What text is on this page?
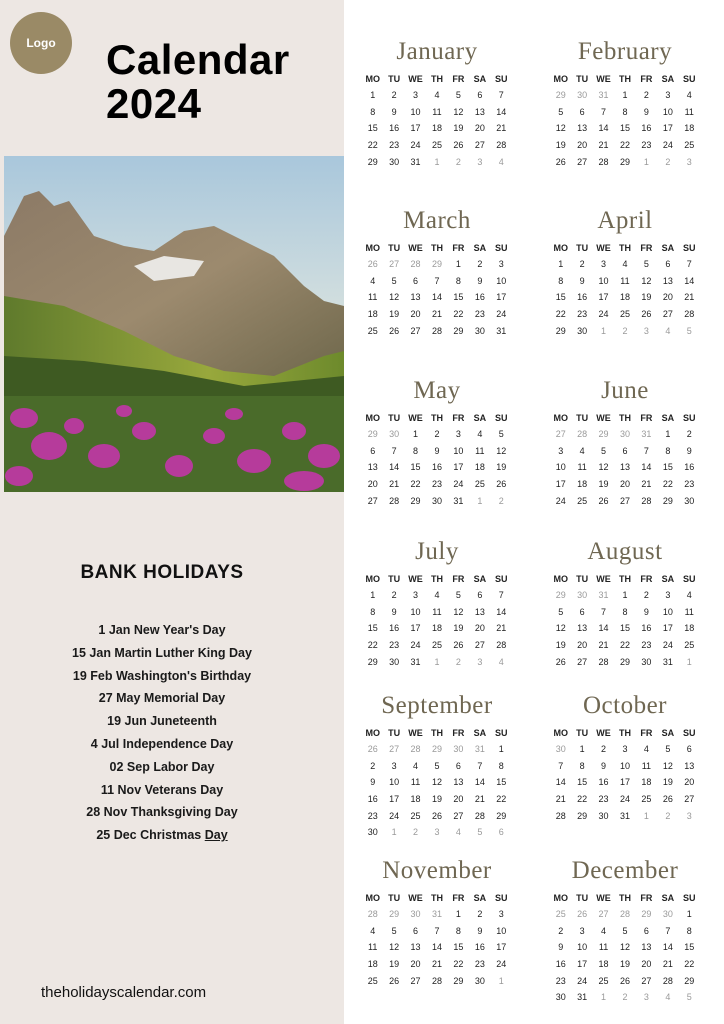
Logo	Calendar
2024
BANK HOLIDAYS
1 Jan New Year's Day
15 Jan Martin Luther King Day
19 Feb Washington's Birthday
27 May Memorial Day
19 Jun Juneteenth
4 Jul Independence Day
02 Sep Labor Day
11 Nov Veterans Day
28 Nov Thanksgiving Day
25 Dec Christmas Day
theholidayscalendar.com
January
MO	TU	WE	TH	FR	SA	SU
1	2	3	4	5	6	7
8	9	10	11	12	13	14
15	16	17	18	19	20	21
22	23	24	25	26	27	28
29	30	31	1	2	3	4
February
MO	TU	WE	TH	FR	SA	SU
29	30	31	1	2	3	4
5	6	7	8	9	10	11
12	13	14	15	16	17	18
19	20	21	22	23	24	25
26	27	28	29	1	2	3
March
MO	TU	WE	TH	FR	SA	SU
26	27	28	29	1	2	3
4	5	6	7	8	9	10
11	12	13	14	15	16	17
18	19	20	21	22	23	24
25	26	27	28	29	30	31
April
MO	TU	WE	TH	FR	SA	SU
1	2	3	4	5	6	7
8	9	10	11	12	13	14
15	16	17	18	19	20	21
22	23	24	25	26	27	28
29	30	1	2	3	4	5
May
MO	TU	WE	TH	FR	SA	SU
29	30	1	2	3	4	5
6	7	8	9	10	11	12
13	14	15	16	17	18	19
20	21	22	23	24	25	26
27	28	29	30	31	1	2
June
MO	TU	WE	TH	FR	SA	SU
27	28	29	30	31	1	2
3	4	5	6	7	8	9
10	11	12	13	14	15	16
17	18	19	20	21	22	23
24	25	26	27	28	29	30
July
MO	TU	WE	TH	FR	SA	SU
1	2	3	4	5	6	7
8	9	10	11	12	13	14
15	16	17	18	19	20	21
22	23	24	25	26	27	28
29	30	31	1	2	3	4
August
MO	TU	WE	TH	FR	SA	SU
29	30	31	1	2	3	4
5	6	7	8	9	10	11
12	13	14	15	16	17	18
19	20	21	22	23	24	25
26	27	28	29	30	31	1
September
MO	TU	WE	TH	FR	SA	SU
26	27	28	29	30	31	1
2	3	4	5	6	7	8
9	10	11	12	13	14	15
16	17	18	19	20	21	22
23	24	25	26	27	28	29
30	1	2	3	4	5	6
October
MO	TU	WE	TH	FR	SA	SU
30	1	2	3	4	5	6
7	8	9	10	11	12	13
14	15	16	17	18	19	20
21	22	23	24	25	26	27
28	29	30	31	1	2	3
November
MO	TU	WE	TH	FR	SA	SU
28	29	30	31	1	2	3
4	5	6	7	8	9	10
11	12	13	14	15	16	17
18	19	20	21	22	23	24
25	26	27	28	29	30	1
December
MO	TU	WE	TH	FR	SA	SU
25	26	27	28	29	30	1
2	3	4	5	6	7	8
9	10	11	12	13	14	15
16	17	18	19	20	21	22
23	24	25	26	27	28	29
30	31	1	2	3	4	5
